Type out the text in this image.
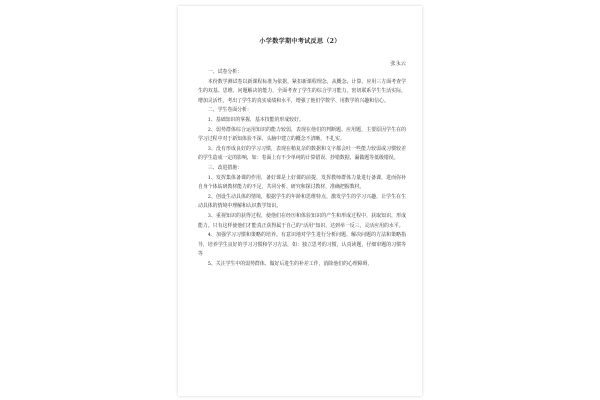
小学数学期中考试反思（2）
张永云

一、试卷分析：

本份数学测试卷以新课程标准为依据，紧扣新课程理念，从概念、计算、应用三方面考查学生的双基、思维、问题解决的能力，全面考查了学生的综合学习能力。密切联系学生生活实际，增加灵活性，考出了学生的真实成绩和水平，增强了他们学数学、用数学的兴趣和信心。

二、学生卷面分析：

1、基础知识的掌握，基本技能的形成较好。

2、弱势群体综合运用知识的能力较弱，表现在他们的判断题、应用题，主要原因学生在的学习过程中对于新知体验不深，头脑中建立的概念不清晰，不扎实。

3、没有形成良好的学习习惯，表现在稍复杂的数据和文字都会吐一些能力较弱或习惯较差的学生造成一定的影响，如：卷面上有不少单纯的计算错误、抄错数据、漏做题等低级错误。

三、改进措施：

1、发挥集体备课的作用，备好课是上好课的前提，发挥教师群体力量进行备课，进而弥补自身个体钻研教材能力的不足，共同分析、研究和探讨教材，准确把握教材。

2、创设生动具体的情境，根据学生的年龄和思维特点，激发学生的学习兴趣，让学生在生动具体的情境中理解和认识数学知识。

3、重视知识的获得过程，使他们在经历和体验知识的产生和形成过程中，获取知识，形成能力。只有这样使他们才能真正获得属于自己的“活用”知识，达到举一反三，灵活应用的水平。

4、加强学习习惯和策略的培养。有意识地对学生进行分析问题、解决问题的方法和策略指导，培养学生良好的学习习惯和学习方法，如：独立思考的习惯，认真读题，仔细审题的习惯等等

5、关注学生中的弱势群体，做好后进生的补差工作，消除他们的心理障碍，
